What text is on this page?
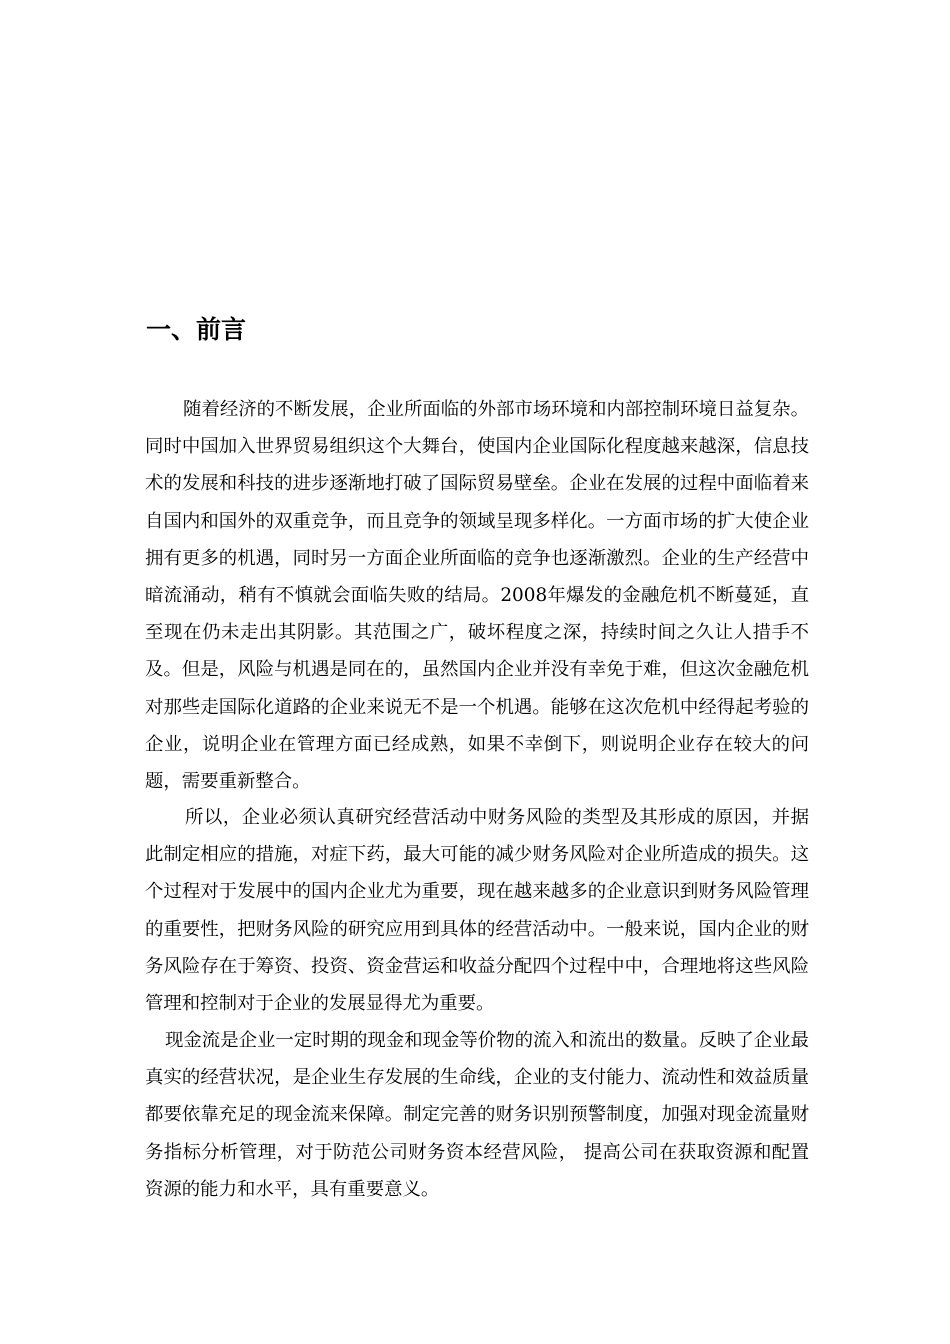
一、前言

随着经济的不断发展，企业所面临的外部市场环境和内部控制环境日益复杂。同时中国加入世界贸易组织这个大舞台，使国内企业国际化程度越来越深，信息技术的发展和科技的进步逐渐地打破了国际贸易壁垒。企业在发展的过程中面临着来自国内和国外的双重竞争，而且竞争的领域呈现多样化。一方面市场的扩大使企业拥有更多的机遇，同时另一方面企业所面临的竞争也逐渐激烈。企业的生产经营中暗流涌动，稍有不慎就会面临失败的结局。2008年爆发的金融危机不断蔓延，直至现在仍未走出其阴影。其范围之广，破坏程度之深，持续时间之久让人措手不及。但是，风险与机遇是同在的，虽然国内企业并没有幸免于难，但这次金融危机对那些走国际化道路的企业来说无不是一个机遇。能够在这次危机中经得起考验的企业，说明企业在管理方面已经成熟，如果不幸倒下，则说明企业存在较大的问题，需要重新整合。

所以，企业必须认真研究经营活动中财务风险的类型及其形成的原因，并据此制定相应的措施，对症下药，最大可能的减少财务风险对企业所造成的损失。这个过程对于发展中的国内企业尤为重要，现在越来越多的企业意识到财务风险管理的重要性，把财务风险的研究应用到具体的经营活动中。一般来说，国内企业的财务风险存在于筹资、投资、资金营运和收益分配四个过程中中，合理地将这些风险管理和控制对于企业的发展显得尤为重要。

现金流是企业一定时期的现金和现金等价物的流入和流出的数量。反映了企业最真实的经营状况，是企业生存发展的生命线，企业的支付能力、流动性和效益质量都要依靠充足的现金流来保障。制定完善的财务识别预警制度，加强对现金流量财务指标分析管理，对于防范公司财务资本经营风险， 提高公司在获取资源和配置资源的能力和水平，具有重要意义。
